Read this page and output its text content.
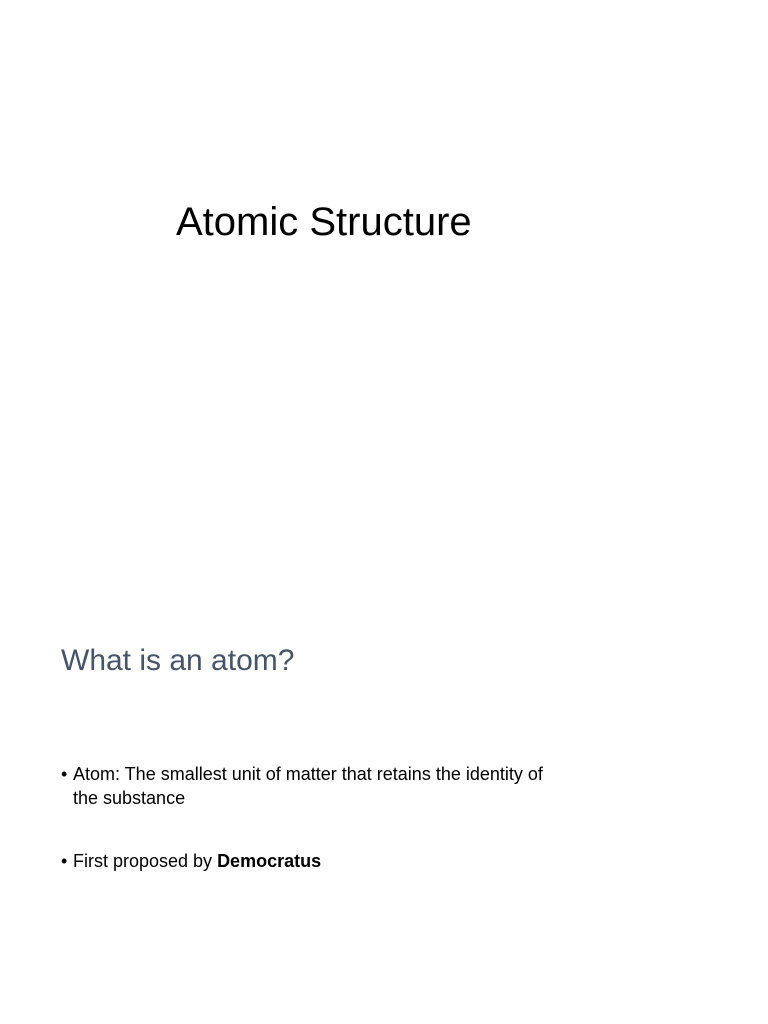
Atomic Structure
What is an atom?
• Atom: The smallest unit of matter that retains the identity of the substance
• First proposed by Democratus
